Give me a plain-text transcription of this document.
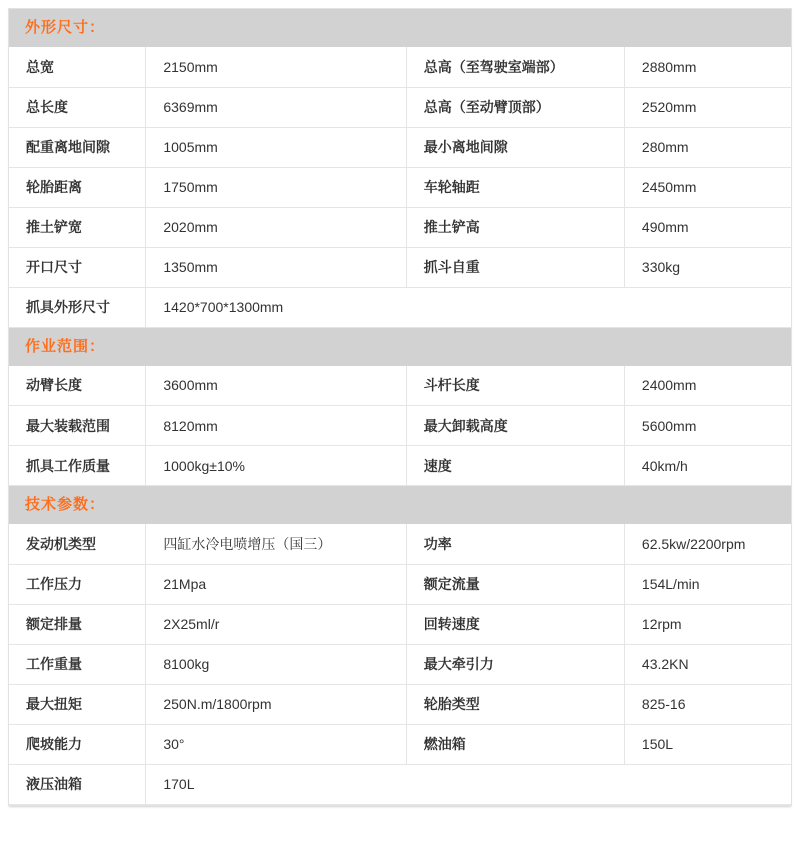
外形尺寸：
总宽	2150mm	总高（至驾驶室端部）	2880mm
总长度	6369mm	总高（至动臂顶部）	2520mm
配重离地间隙	1005mm	最小离地间隙	280mm
轮胎距离	1750mm	车轮轴距	2450mm
推土铲宽	2020mm	推土铲高	490mm
开口尺寸	1350mm	抓斗自重	330kg
抓具外形尺寸	1420*700*1300mm		
作业范围：
动臂长度	3600mm	斗杆长度	2400mm
最大装载范围	8120mm	最大卸载高度	5600mm
抓具工作质量	1000kg±10%	速度	40km/h
技术参数：
发动机类型	四缸水冷电喷增压（国三）	功率	62.5kw/2200rpm
工作压力	21Mpa	额定流量	154L/min
额定排量	2X25ml/r	回转速度	12rpm
工作重量	8100kg	最大牵引力	43.2KN
最大扭矩	250N.m/1800rpm	轮胎类型	825-16
爬坡能力	30°	燃油箱	150L
液压油箱	170L		
